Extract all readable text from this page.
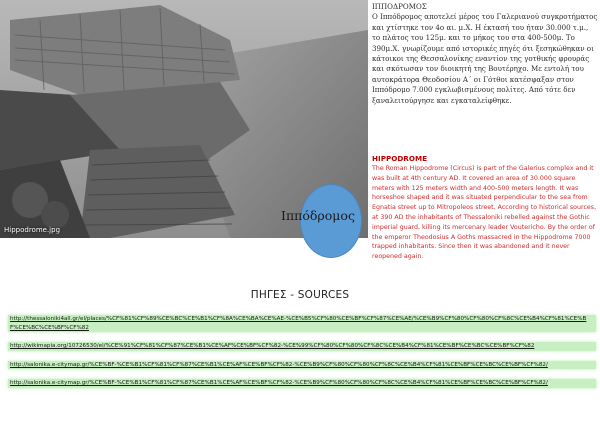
Hippodrome.jpg
Ιππόδρομος
ΙΠΠΟΔΡΟΜΟΣ
Ο Ιππόδρομος αποτελεί μέρος του Γαλεριανού συγκροτήματος και χτίστηκε τον 4ο αι. μ.Χ. Η έκτασή του ήταν 30.000 τ.μ., το πλάτος του 125μ. και το μήκος του στα 400-500μ. Το 390μ.Χ. γνωρίζουμε από ιστορικές πηγές ότι ξεσηκώθηκαν οι κάτοικοι της Θεσσαλονίκης εναντίον της γοτθικής φρουράς και σκότωσαν τον διοικητή της Βουτέρηχο. Με εντολή του αυτοκράτορα Θεοδοσίου Α΄ οι Γότθοι κατέσφαξαν στον Ιππόδρομο 7.000 εγκλωβισμένους πολίτες. Από τότε δεν ξαναλειτούργησε και εγκαταλείφθηκε.
HIPPODROME
The Roman Hippodrome (Circus) is part of the Galerius complex and it was built at 4th century AD. It covered an area of 30.000 square meters with 125 meters width and 400-500 meters length. It was horseshoe shaped and it was situated perpendicular to the sea from Egnatia street up to Mitropoleos street. According to historical sources, at 390 AD the inhabitants of Thessaloniki rebelled against the Gothic imperial guard, killing its mercenary leader Vouterichο. By the order of the emperor Theodosius A Goths massacred in the Hippodrome 7000 trapped inhabitants. Since then it was abandoned and it never reopened again.
ΠΗΓΕΣ - SOURCES
http://thessaloniki4all.gr/el/places/%CF%81%CF%89%CE%BC%CE%B1%CF%8A%CE%BA%CE%AE-%CE%B5%CF%80%CE%BF%CF%87%CE%AE/%CE%B9%CF%80%CF%80%CF%8C%CE%B4%CF%81%CE%BF%CE%BC%CE%BF%CF%82
http://wikimapia.org/10726530/el/%CE%91%CF%81%CF%87%CE%B1%CE%AF%CE%BF%CF%82-%CE%99%CF%80%CF%80%CF%8C%CE%B4%CF%81%CE%BF%CE%BC%CE%BF%CF%82
http://salonika.e-citymap.gr/%CE%BF-%CE%B1%CF%81%CF%87%CE%B1%CE%AF%CE%BF%CF%82-%CE%B9%CF%80%CF%80%CF%8C%CE%B4%CF%81%CE%BF%CE%BC%CE%BF%CF%82/
http://salonika.e-citymap.gr/%CE%BF-%CE%B1%CF%81%CF%87%CE%B1%CE%AF%CE%BF%CF%82-%CE%B9%CF%80%CF%80%CF%8C%CE%B4%CF%81%CE%BF%CE%BC%CE%BF%CF%82/
